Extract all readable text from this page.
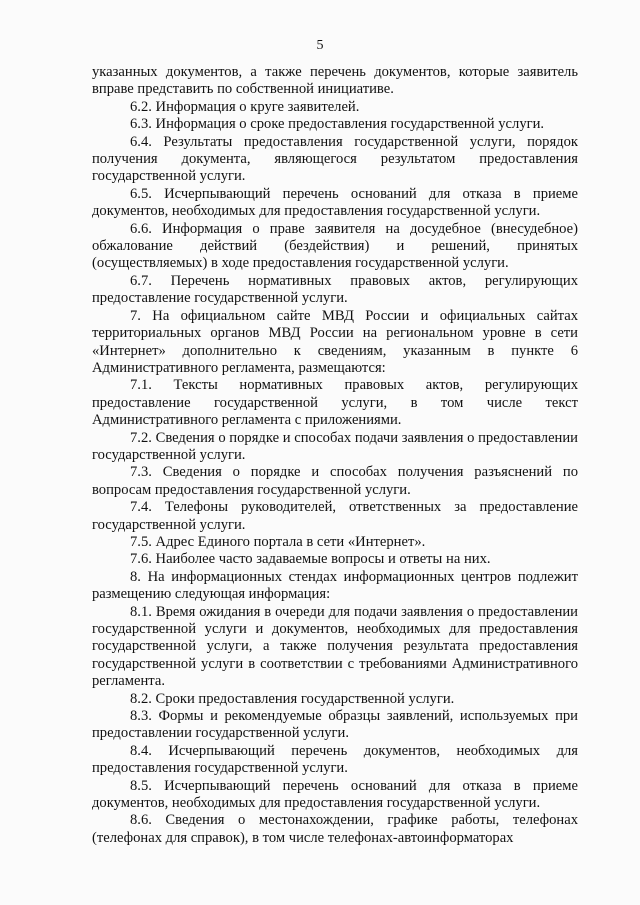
5

указанных документов, а также перечень документов, которые заявитель вправе представить по собственной инициативе.

6.2. Информация о круге заявителей.

6.3. Информация о сроке предоставления государственной услуги.

6.4. Результаты предоставления государственной услуги, порядок получения документа, являющегося результатом предоставления государственной услуги.

6.5. Исчерпывающий перечень оснований для отказа в приеме документов, необходимых для предоставления государственной услуги.

6.6. Информация о праве заявителя на досудебное (внесудебное) обжалование действий (бездействия) и решений, принятых (осуществляемых) в ходе предоставления государственной услуги.

6.7. Перечень нормативных правовых актов, регулирующих предоставление государственной услуги.

7. На официальном сайте МВД России и официальных сайтах территориальных органов МВД России на региональном уровне в сети «Интернет» дополнительно к сведениям, указанным в пункте 6 Административного регламента, размещаются:

7.1. Тексты нормативных правовых актов, регулирующих предоставление государственной услуги, в том числе текст Административного регламента с приложениями.

7.2. Сведения о порядке и способах подачи заявления о предоставлении государственной услуги.

7.3. Сведения о порядке и способах получения разъяснений по вопросам предоставления государственной услуги.

7.4. Телефоны руководителей, ответственных за предоставление государственной услуги.

7.5. Адрес Единого портала в сети «Интернет».

7.6. Наиболее часто задаваемые вопросы и ответы на них.

8. На информационных стендах информационных центров подлежит размещению следующая информация:

8.1. Время ожидания в очереди для подачи заявления о предоставлении государственной услуги и документов, необходимых для предоставления государственной услуги, а также получения результата предоставления государственной услуги в соответствии с требованиями Административного регламента.

8.2. Сроки предоставления государственной услуги.

8.3. Формы и рекомендуемые образцы заявлений, используемых при предоставлении государственной услуги.

8.4. Исчерпывающий перечень документов, необходимых для предоставления государственной услуги.

8.5. Исчерпывающий перечень оснований для отказа в приеме документов, необходимых для предоставления государственной услуги.

8.6. Сведения о местонахождении, графике работы, телефонах (телефонах для справок), в том числе телефонах-автоинформаторах
